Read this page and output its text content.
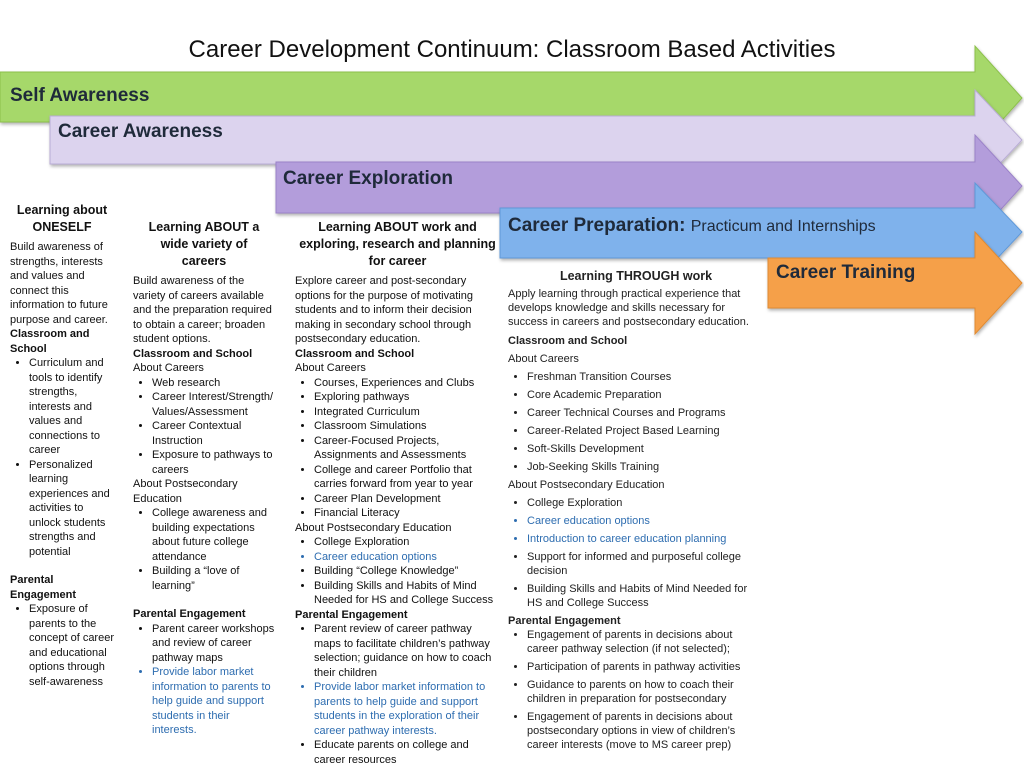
Career Development Continuum: Classroom Based Activities
Self Awareness
Career Awareness
Career Exploration
Career Preparation: Practicum and Internships
Career Training
Learning about ONESELF

Build awareness of strengths, interests and values and connect this information to future purpose and career.

Classroom and School
• Curriculum and tools to identify strengths, interests and values and connections to career
• Personalized learning experiences and activities to unlock students strengths and potential
Parental Engagement
• Exposure of parents to the concept of career and educational options through self-awareness
Learning ABOUT a wide variety of careers

Build awareness of the variety of careers available and the preparation required to obtain a career; broaden student options.

Classroom and School
About Careers
• Web research
• Career Interest/Strength/Values/Assessment
• Career Contextual Instruction
• Exposure to pathways to careers
About Postsecondary Education
• College awareness and building expectations about future college attendance
• Building a “love of learning”
Parental Engagement
• Parent career workshops and review of career pathway maps
• Provide labor market information to parents to help guide and support students in their interests.
Learning ABOUT work and exploring, research and planning for career

Explore career and post-secondary options for the purpose of motivating students and to inform their decision making in secondary school through postsecondary education.

Classroom and School
About Careers
• Courses, Experiences and Clubs
• Exploring pathways
• Integrated Curriculum
• Classroom Simulations
• Career-Focused Projects, Assignments and Assessments
• College and career Portfolio that carries forward from year to year
• Career Plan Development
• Financial Literacy
About Postsecondary Education
• College Exploration
• Career education options
• Building “College Knowledge”
• Building Skills and Habits of Mind Needed for HS and College Success
Parental Engagement
• Parent review of career pathway maps to facilitate children’s pathway selection; guidance on how to coach their children
• Provide labor market information to parents to help guide and support students in the exploration of their career pathway interests.
• Educate parents on college and career resources
Learning THROUGH work

Apply learning through practical experience that develops knowledge and skills necessary for success in careers and postsecondary education.

Classroom and School
About Careers
• Freshman Transition Courses
• Core Academic Preparation
• Career Technical Courses and Programs
• Career-Related Project Based Learning
• Soft-Skills Development
• Job-Seeking Skills Training
About Postsecondary Education
• College Exploration
• Career education options
• Introduction to career education planning
• Support for informed and purposeful college decision
• Building Skills and Habits of Mind Needed for HS and College Success
Parental Engagement
• Engagement of parents in decisions about career pathway selection (if not selected);
• Participation of parents in pathway activities
• Guidance to parents on how to coach their children in preparation for postsecondary
• Engagement of parents in decisions about postsecondary options in view of children’s career interests (move to MS career prep)
